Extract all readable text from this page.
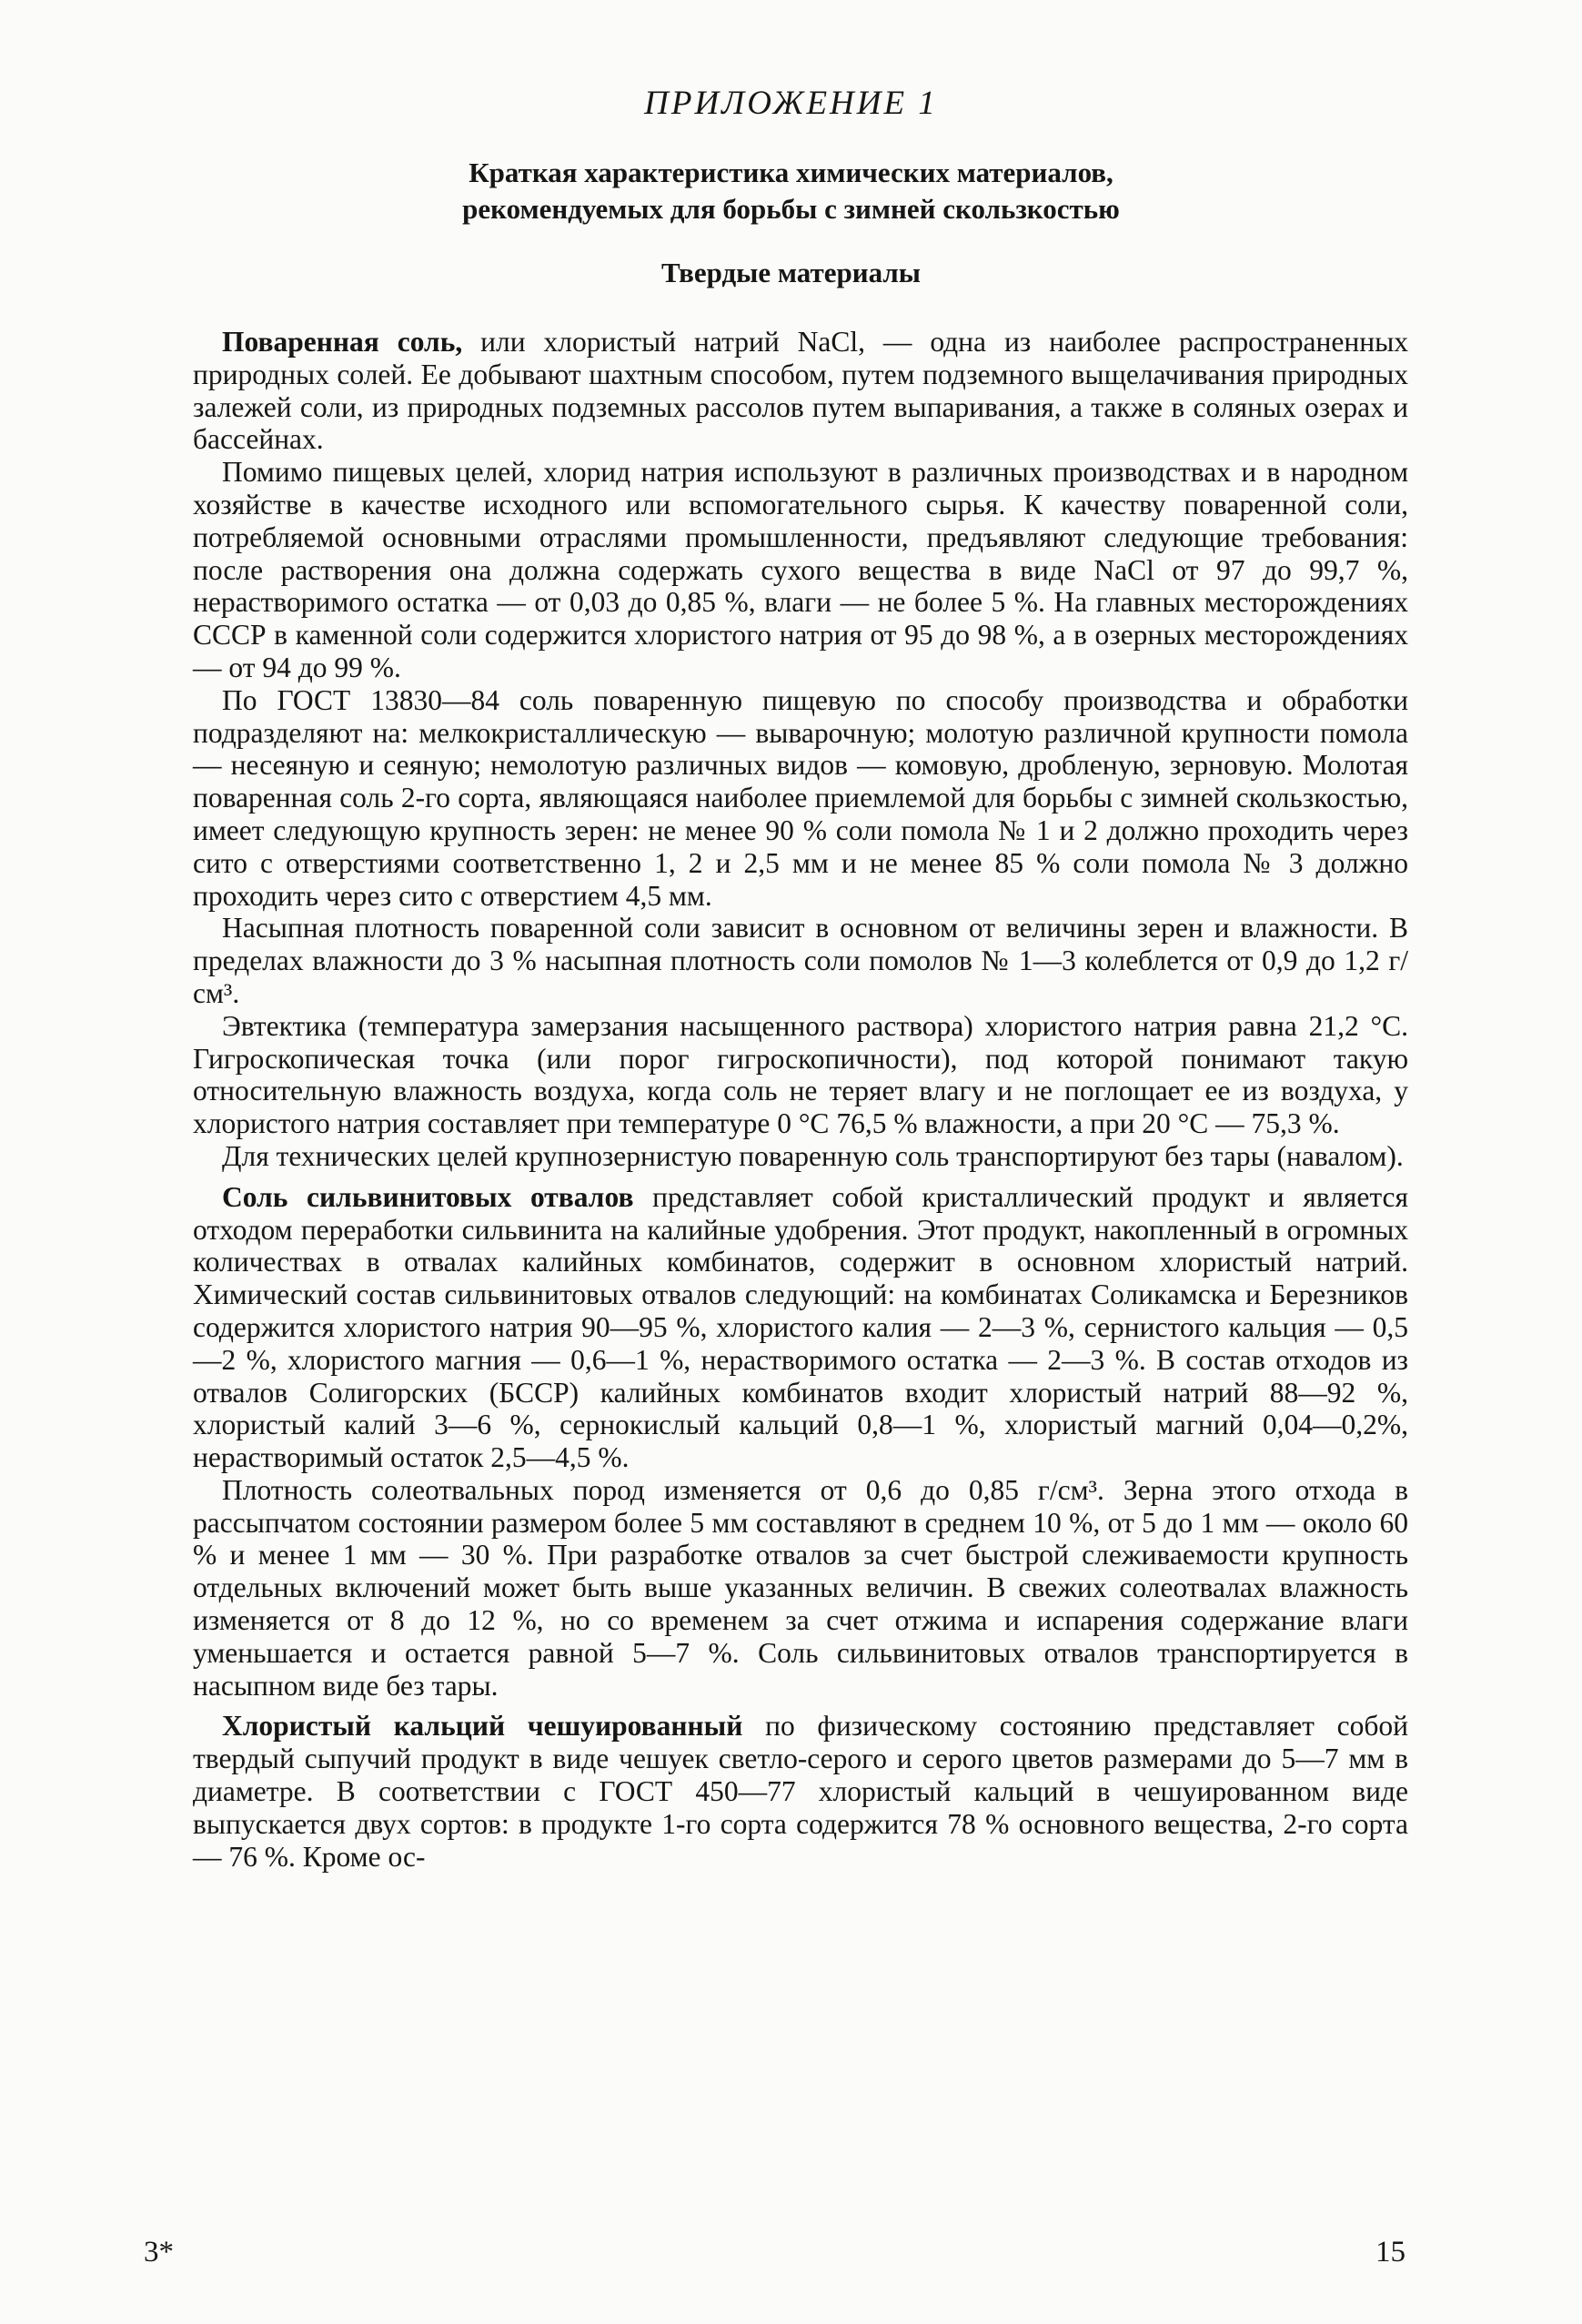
ПРИЛОЖЕНИЕ 1
Краткая характеристика химических материалов,
рекомендуемых для борьбы с зимней скользкостью
Твердые материалы

Поваренная соль, или хлористый натрий NaCl, — одна из наиболее распространенных природных солей. Ее добывают шахтным способом, путем подземного выщелачивания природных залежей соли, из природных подземных рассолов путем выпаривания, а также в соляных озерах и бассейнах.

Помимо пищевых целей, хлорид натрия используют в различных производствах и в народном хозяйстве в качестве исходного или вспомогательного сырья. К качеству поваренной соли, потребляемой основными отраслями промышленности, предъявляют следующие требования: после растворения она должна содержать сухого вещества в виде NaCl от 97 до 99,7 %, нерастворимого остатка — от 0,03 до 0,85 %, влаги — не более 5 %. На главных месторождениях СССР в каменной соли содержится хлористого натрия от 95 до 98 %, а в озерных месторождениях — от 94 до 99 %.

По ГОСТ 13830—84 соль поваренную пищевую по способу производства и обработки подразделяют на: мелкокристаллическую — выварочную; молотую различной крупности помола — несеяную и сеяную; немолотую различных видов — комовую, дробленую, зерновую. Молотая поваренная соль 2-го сорта, являющаяся наиболее приемлемой для борьбы с зимней скользкостью, имеет следующую крупность зерен: не менее 90 % соли помола № 1 и 2 должно проходить через сито с отверстиями соответственно 1, 2 и 2,5 мм и не менее 85 % соли помола № 3 должно проходить через сито с отверстием 4,5 мм.

Насыпная плотность поваренной соли зависит в основном от величины зерен и влажности. В пределах влажности до 3 % насыпная плотность соли помолов № 1—3 колеблется от 0,9 до 1,2 г/см³.

Эвтектика (температура замерзания насыщенного раствора) хлористого натрия равна 21,2 °С. Гигроскопическая точка (или порог гигроскопичности), под которой понимают такую относительную влажность воздуха, когда соль не теряет влагу и не поглощает ее из воздуха, у хлористого натрия составляет при температуре 0 °С 76,5 % влажности, а при 20 °С — 75,3 %.

Для технических целей крупнозернистую поваренную соль транспортируют без тары (навалом).

Соль сильвинитовых отвалов представляет собой кристаллический продукт и является отходом переработки сильвинита на калийные удобрения. Этот продукт, накопленный в огромных количествах в отвалах калийных комбинатов, содержит в основном хлористый натрий. Химический состав сильвинитовых отвалов следующий: на комбинатах Соликамска и Березников содержится хлористого натрия 90—95 %, хлористого калия — 2—3 %, сернистого кальция — 0,5—2 %, хлористого магния — 0,6—1 %, нерастворимого остатка — 2—3 %. В состав отходов из отвалов Солигорских (БССР) калийных комбинатов входит хлористый натрий 88—92 %, хлористый калий 3—6 %, сернокислый кальций 0,8—1 %, хлористый магний 0,04—0,2%, нерастворимый остаток 2,5—4,5 %.

Плотность солеотвальных пород изменяется от 0,6 до 0,85 г/см³. Зерна этого отхода в рассыпчатом состоянии размером более 5 мм составляют в среднем 10 %, от 5 до 1 мм — около 60 % и менее 1 мм — 30 %. При разработке отвалов за счет быстрой слеживаемости крупность отдельных включений может быть выше указанных величин. В свежих солеотвалах влажность изменяется от 8 до 12 %, но со временем за счет отжима и испарения содержание влаги уменьшается и остается равной 5—7 %. Соль сильвинитовых отвалов транспортируется в насыпном виде без тары.

Хлористый кальций чешуированный по физическому состоянию представляет собой твердый сыпучий продукт в виде чешуек светло-серого и серого цветов размерами до 5—7 мм в диаметре. В соответствии с ГОСТ 450—77 хлористый кальций в чешуированном виде выпускается двух сортов: в продукте 1-го сорта содержится 78 % основного вещества, 2-го сорта — 76 %. Кроме ос-

3*	15
